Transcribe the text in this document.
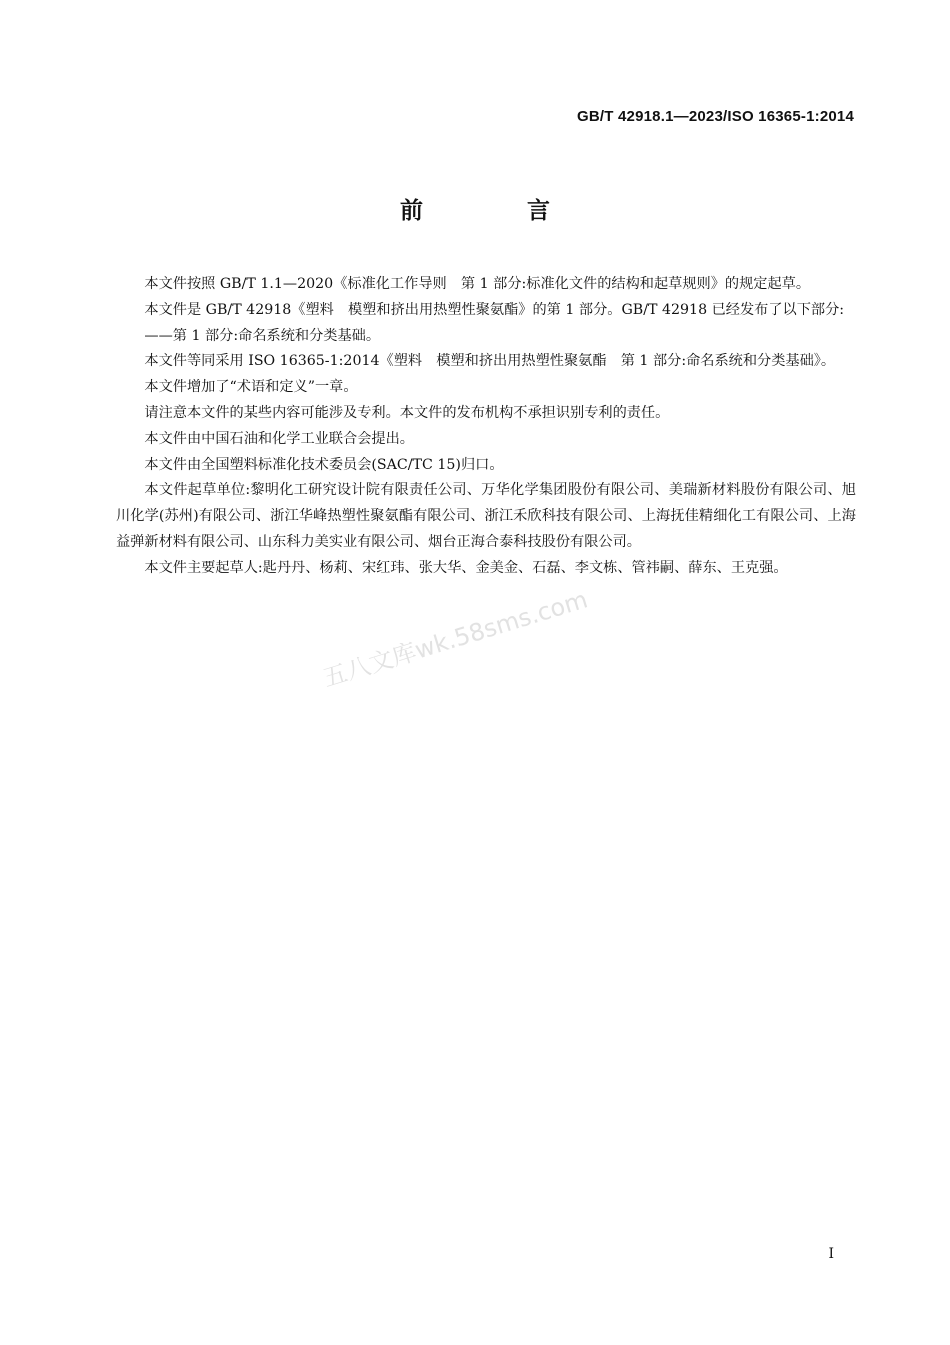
GB/T 42918.1—2023/ISO 16365-1:2014
前 言

本文件按照 GB/T 1.1—2020《标准化工作导则　第 1 部分:标准化文件的结构和起草规则》的规定起草。

本文件是 GB/T 42918《塑料　模塑和挤出用热塑性聚氨酯》的第 1 部分。GB/T 42918 已经发布了以下部分:

——第 1 部分:命名系统和分类基础。

本文件等同采用 ISO 16365-1:2014《塑料　模塑和挤出用热塑性聚氨酯　第 1 部分:命名系统和分类基础》。

本文件增加了“术语和定义”一章。

请注意本文件的某些内容可能涉及专利。本文件的发布机构不承担识别专利的责任。

本文件由中国石油和化学工业联合会提出。

本文件由全国塑料标准化技术委员会(SAC/TC 15)归口。

本文件起草单位:黎明化工研究设计院有限责任公司、万华化学集团股份有限公司、美瑞新材料股份有限公司、旭川化学(苏州)有限公司、浙江华峰热塑性聚氨酯有限公司、浙江禾欣科技有限公司、上海抚佳精细化工有限公司、上海益弹新材料有限公司、山东科力美实业有限公司、烟台正海合泰科技股份有限公司。

本文件主要起草人:匙丹丹、杨莉、宋红玮、张大华、金美金、石磊、李文栋、管祎嗣、薛东、王克强。

五八文库wk.58sms.com
I
